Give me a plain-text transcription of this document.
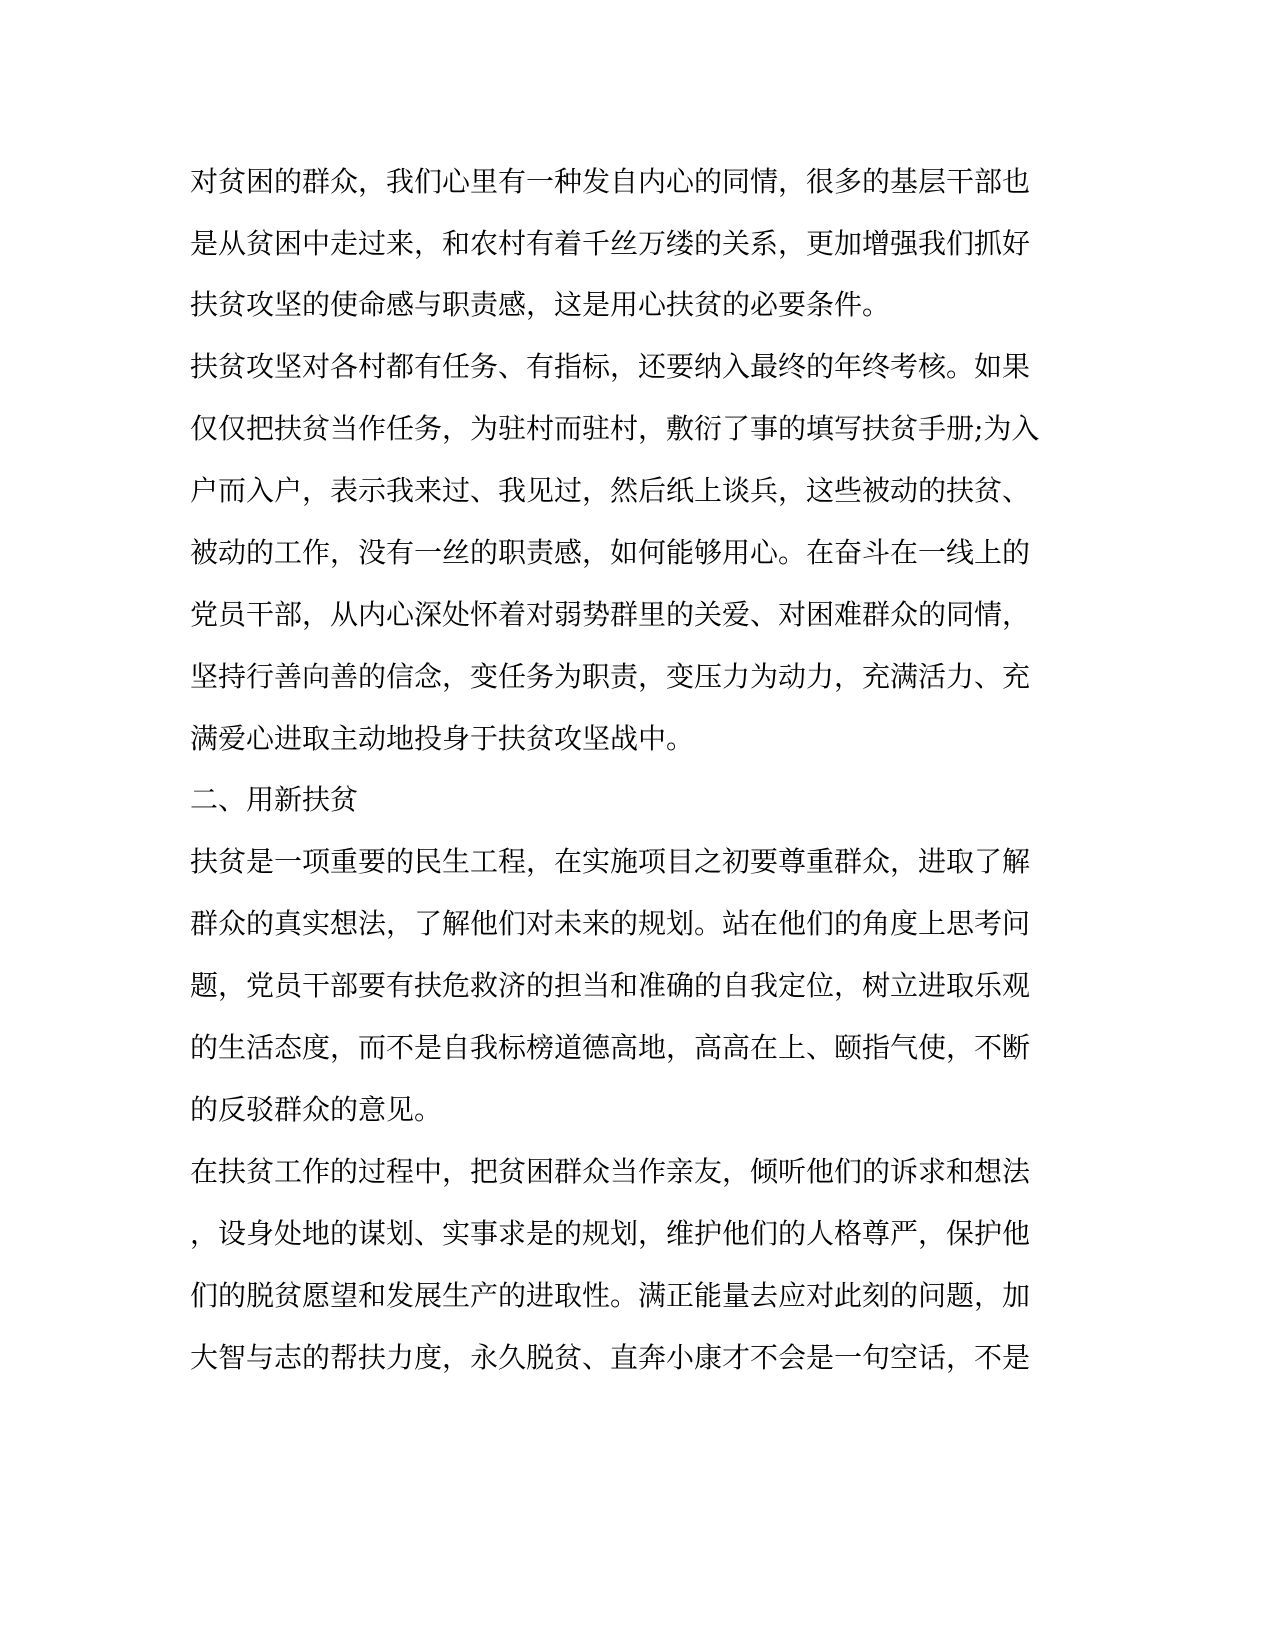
对贫困的群众，我们心里有一种发自内心的同情，很多的基层干部也
是从贫困中走过来，和农村有着千丝万缕的关系，更加增强我们抓好
扶贫攻坚的使命感与职责感，这是用心扶贫的必要条件。
扶贫攻坚对各村都有任务、有指标，还要纳入最终的年终考核。如果
仅仅把扶贫当作任务，为驻村而驻村，敷衍了事的填写扶贫手册;为入
户而入户，表示我来过、我见过，然后纸上谈兵，这些被动的扶贫、
被动的工作，没有一丝的职责感，如何能够用心。在奋斗在一线上的
党员干部，从内心深处怀着对弱势群里的关爱、对困难群众的同情，
坚持行善向善的信念，变任务为职责，变压力为动力，充满活力、充
满爱心进取主动地投身于扶贫攻坚战中。
二、用新扶贫
扶贫是一项重要的民生工程，在实施项目之初要尊重群众，进取了解
群众的真实想法，了解他们对未来的规划。站在他们的角度上思考问
题，党员干部要有扶危救济的担当和准确的自我定位，树立进取乐观
的生活态度，而不是自我标榜道德高地，高高在上、颐指气使，不断
的反驳群众的意见。
在扶贫工作的过程中，把贫困群众当作亲友，倾听他们的诉求和想法
，设身处地的谋划、实事求是的规划，维护他们的人格尊严，保护他
们的脱贫愿望和发展生产的进取性。满正能量去应对此刻的问题，加
大智与志的帮扶力度，永久脱贫、直奔小康才不会是一句空话，不是
